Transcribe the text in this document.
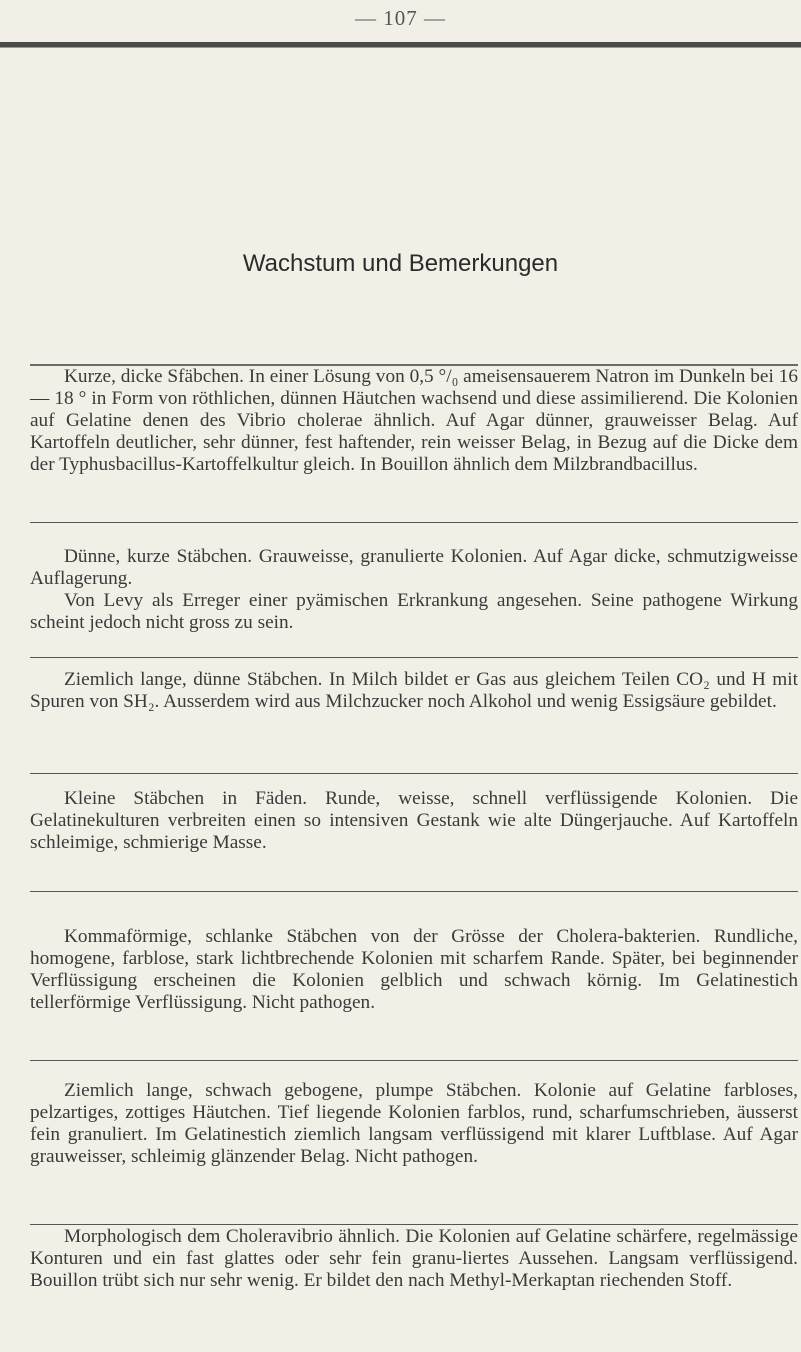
— 107 —
Wachstum und Bemerkungen

Kurze, dicke Sfäbchen. In einer Lösung von 0,5 °/₀ ameisensauerem Natron im Dunkeln bei 16 — 18 ° in Form von röthlichen, dünnen Häutchen wachsend und diese assimilierend. Die Kolonien auf Gelatine denen des Vibrio cholerae ähnlich. Auf Agar dünner, grauweisser Belag. Auf Kartoffeln deutlicher, sehr dünner, fest haftender, rein weisser Belag, in Bezug auf die Dicke dem der Typhusbacillus-Kartoffelkultur gleich. In Bouillon ähnlich dem Milzbrandbacillus.

Dünne, kurze Stäbchen. Grauweisse, granulierte Kolonien. Auf Agar dicke, schmutzigweisse Auflagerung.

Von Levy als Erreger einer pyämischen Erkrankung angesehen. Seine pathogene Wirkung scheint jedoch nicht gross zu sein.

Ziemlich lange, dünne Stäbchen. In Milch bildet er Gas aus gleichem Teilen CO₂ und H mit Spuren von SH₂. Ausserdem wird aus Milchzucker noch Alkohol und wenig Essigsäure gebildet.

Kleine Stäbchen in Fäden. Runde, weisse, schnell verflüssigende Kolonien. Die Gelatinekulturen verbreiten einen so intensiven Gestank wie alte Düngerjauche. Auf Kartoffeln schleimige, schmierige Masse.

Kommaförmige, schlanke Stäbchen von der Grösse der Cholera-bakterien. Rundliche, homogene, farblose, stark lichtbrechende Kolonien mit scharfem Rande. Später, bei beginnender Verflüssigung erscheinen die Kolonien gelblich und schwach körnig. Im Gelatinestich tellerförmige Verflüssigung. Nicht pathogen.

Ziemlich lange, schwach gebogene, plumpe Stäbchen. Kolonie auf Gelatine farbloses, pelzartiges, zottiges Häutchen. Tief liegende Kolonien farblos, rund, scharfumschrieben, äusserst fein granuliert. Im Gelatinestich ziemlich langsam verflüssigend mit klarer Luftblase. Auf Agar grauweisser, schleimig glänzender Belag. Nicht pathogen.

Morphologisch dem Choleravibrio ähnlich. Die Kolonien auf Gelatine schärfere, regelmässige Konturen und ein fast glattes oder sehr fein granu-liertes Aussehen. Langsam verflüssigend. Bouillon trübt sich nur sehr wenig. Er bildet den nach Methyl-Merkaptan riechenden Stoff.
